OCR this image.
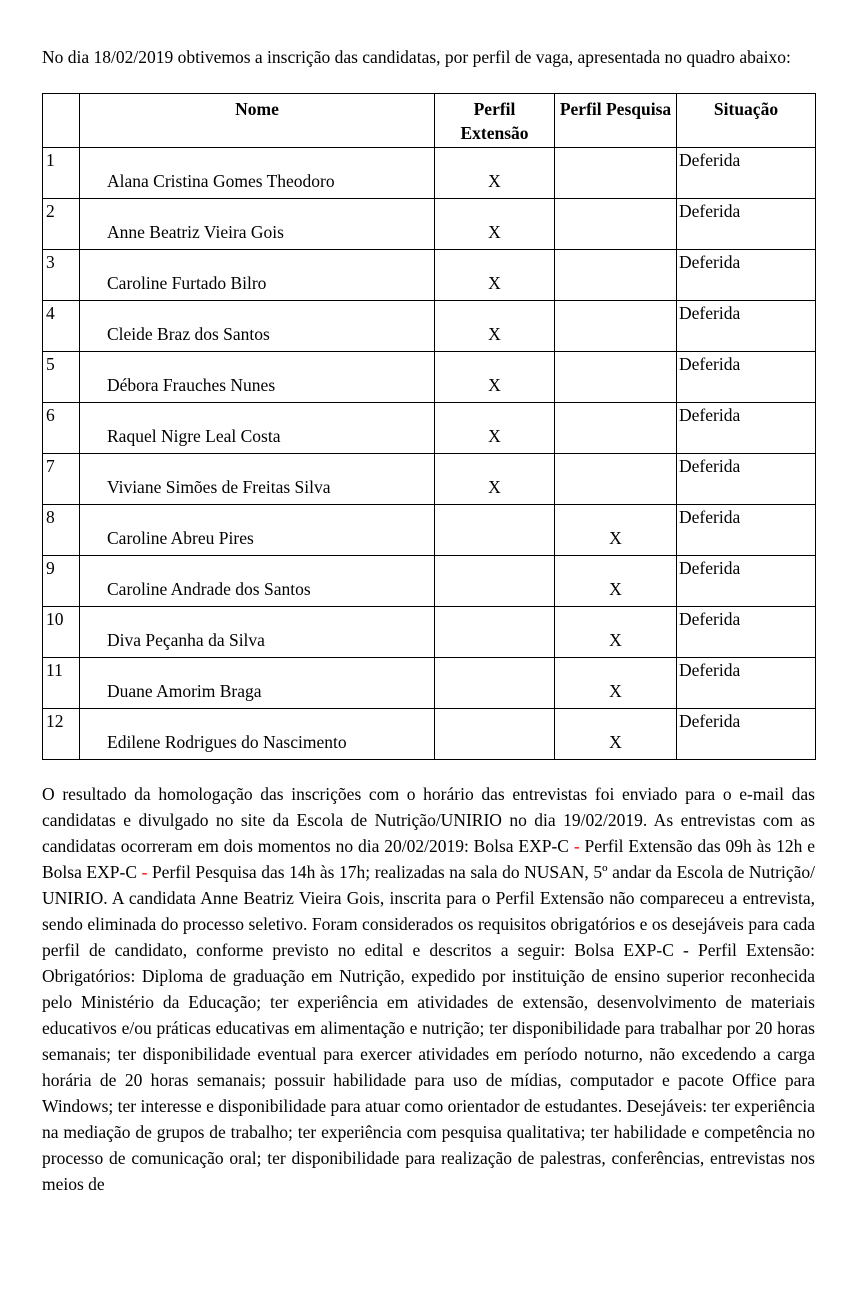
No dia 18/02/2019 obtivemos a inscrição das candidatas, por perfil de vaga, apresentada no quadro abaixo:

	Nome	Perfil Extensão	Perfil Pesquisa	Situação
1	Alana Cristina Gomes Theodoro	X		Deferida
2	Anne Beatriz Vieira Gois	X		Deferida
3	Caroline Furtado Bilro	X		Deferida
4	Cleide Braz dos Santos	X		Deferida
5	Débora Frauches Nunes	X		Deferida
6	Raquel Nigre Leal Costa	X		Deferida
7	Viviane Simões de Freitas Silva	X		Deferida
8	Caroline Abreu Pires		X	Deferida
9	Caroline Andrade dos Santos		X	Deferida
10	Diva Peçanha da Silva		X	Deferida
11	Duane Amorim Braga		X	Deferida
12	Edilene Rodrigues do Nascimento		X	Deferida

O resultado da homologação das inscrições com o horário das entrevistas foi enviado para o e-mail das candidatas e divulgado no site da Escola de Nutrição/UNIRIO no dia 19/02/2019. As entrevistas com as candidatas ocorreram em dois momentos no dia 20/02/2019: Bolsa EXP-C - Perfil Extensão das 09h às 12h e Bolsa EXP-C - Perfil Pesquisa das 14h às 17h; realizadas na sala do NUSAN, 5º andar da Escola de Nutrição/ UNIRIO. A candidata Anne Beatriz Vieira Gois, inscrita para o Perfil Extensão não compareceu a entrevista, sendo eliminada do processo seletivo. Foram considerados os requisitos obrigatórios e os desejáveis para cada perfil de candidato, conforme previsto no edital e descritos a seguir: Bolsa EXP-C - Perfil Extensão: Obrigatórios: Diploma de graduação em Nutrição, expedido por instituição de ensino superior reconhecida pelo Ministério da Educação; ter experiência em atividades de extensão, desenvolvimento de materiais educativos e/ou práticas educativas em alimentação e nutrição; ter disponibilidade para trabalhar por 20 horas semanais; ter disponibilidade eventual para exercer atividades em período noturno, não excedendo a carga horária de 20 horas semanais; possuir habilidade para uso de mídias, computador e pacote Office para Windows; ter interesse e disponibilidade para atuar como orientador de estudantes. Desejáveis: ter experiência na mediação de grupos de trabalho; ter experiência com pesquisa qualitativa; ter habilidade e competência no processo de comunicação oral; ter disponibilidade para realização de palestras, conferências, entrevistas nos meios de
